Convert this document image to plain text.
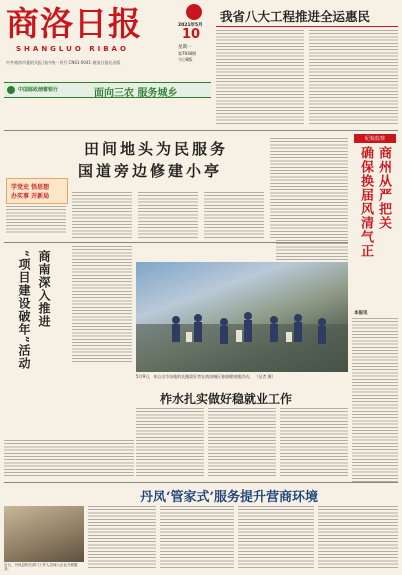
商洛日报
SHANGLUO RIBAO
中共商洛市委机关报 国内统一刊号 CN61-0041 商洛日报社出版
2021年5月
10
星期一
第7930期
今日8版
中国邮政储蓄银行	面向三农 服务城乡
我省八大工程推进全运惠民
田间地头为民服务
国道旁边修建小亭
学党史 悟思想
办实事 开新局
纪检监察
商州从严把关
确保换届风清气正
本报讯
商南深入推进
“项目建设破年”活动
5月9日，来自全市各地的长跑爱好者在商洛城区参加健康跑活动。 （记者 摄）
柞水扎实做好稳就业工作
丹凤‘管家式’服务提升营商环境
近日，丹凤县相关部门工作人员深入企业开展服务。
